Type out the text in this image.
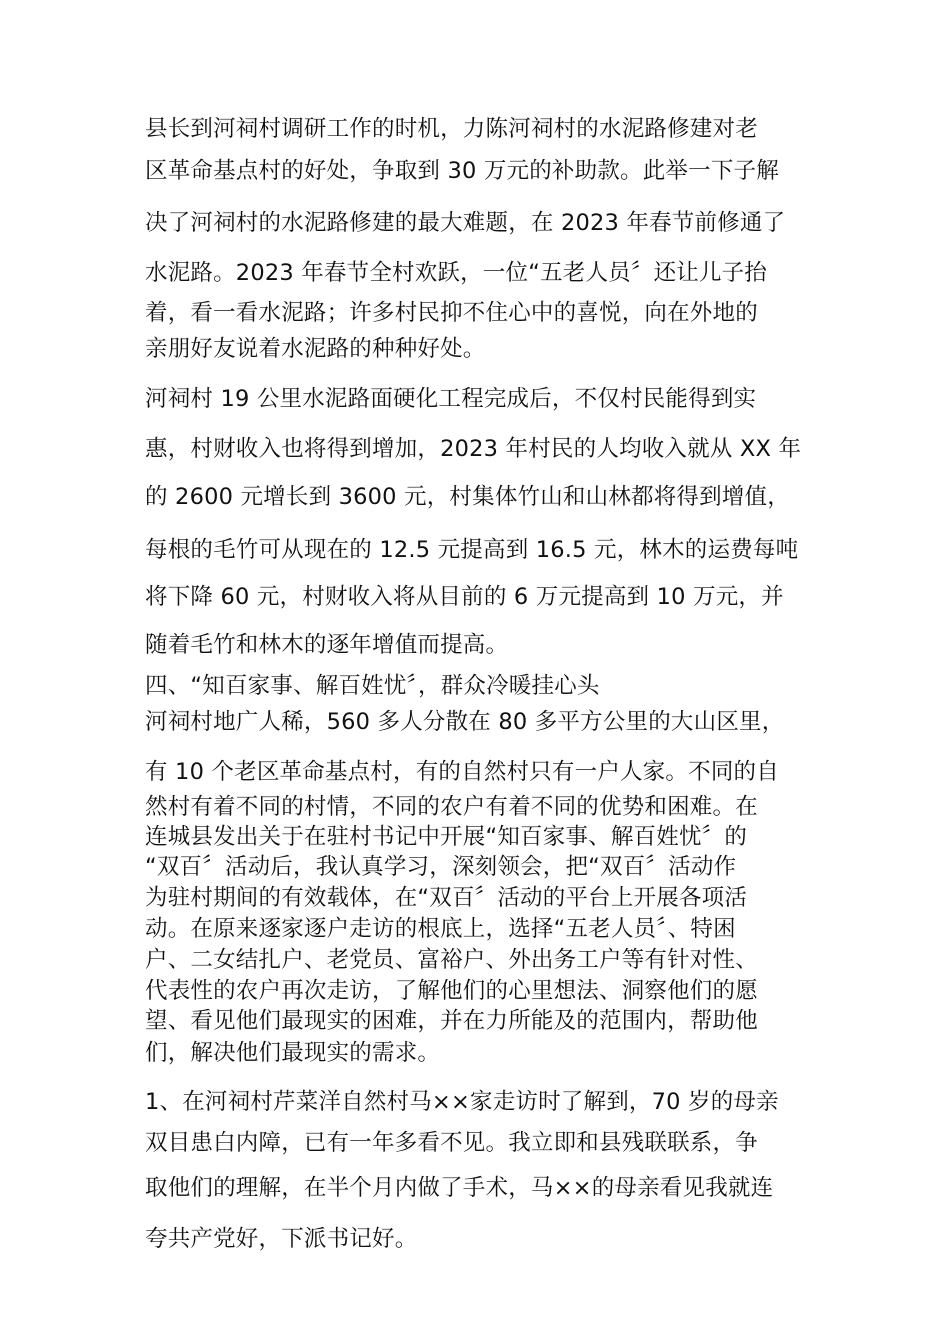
县长到河祠村调研工作的时机，力陈河祠村的水泥路修建对老
区革命基点村的好处，争取到 30 万元的补助款。此举一下子解
决了河祠村的水泥路修建的最大难题，在 2023 年春节前修通了
水泥路。2023 年春节全村欢跃，一位“五老人员〞还让儿子抬
着，看一看水泥路；许多村民抑不住心中的喜悦，向在外地的
亲朋好友说着水泥路的种种好处。
河祠村 19 公里水泥路面硬化工程完成后，不仅村民能得到实
惠，村财收入也将得到增加，2023 年村民的人均收入就从 XX 年
的 2600 元增长到 3600 元，村集体竹山和山林都将得到增值，
每根的毛竹可从现在的 12.5 元提高到 16.5 元，林木的运费每吨
将下降 60 元，村财收入将从目前的 6 万元提高到 10 万元，并
随着毛竹和林木的逐年增值而提高。
四、“知百家事、解百姓忧〞，群众冷暖挂心头
河祠村地广人稀，560 多人分散在 80 多平方公里的大山区里，
有 10 个老区革命基点村，有的自然村只有一户人家。不同的自
然村有着不同的村情，不同的农户有着不同的优势和困难。在
连城县发出关于在驻村书记中开展“知百家事、解百姓忧〞的
“双百〞活动后，我认真学习，深刻领会，把“双百〞活动作
为驻村期间的有效载体，在“双百〞活动的平台上开展各项活
动。在原来逐家逐户走访的根底上，选择“五老人员〞、特困
户、二女结扎户、老党员、富裕户、外出务工户等有针对性、
代表性的农户再次走访，了解他们的心里想法、洞察他们的愿
望、看见他们最现实的困难，并在力所能及的范围内，帮助他
们，解决他们最现实的需求。
1、在河祠村芹菜洋自然村马××家走访时了解到，70 岁的母亲
双目患白内障，已有一年多看不见。我立即和县残联联系，争
取他们的理解，在半个月内做了手术，马××的母亲看见我就连
夸共产党好，下派书记好。
